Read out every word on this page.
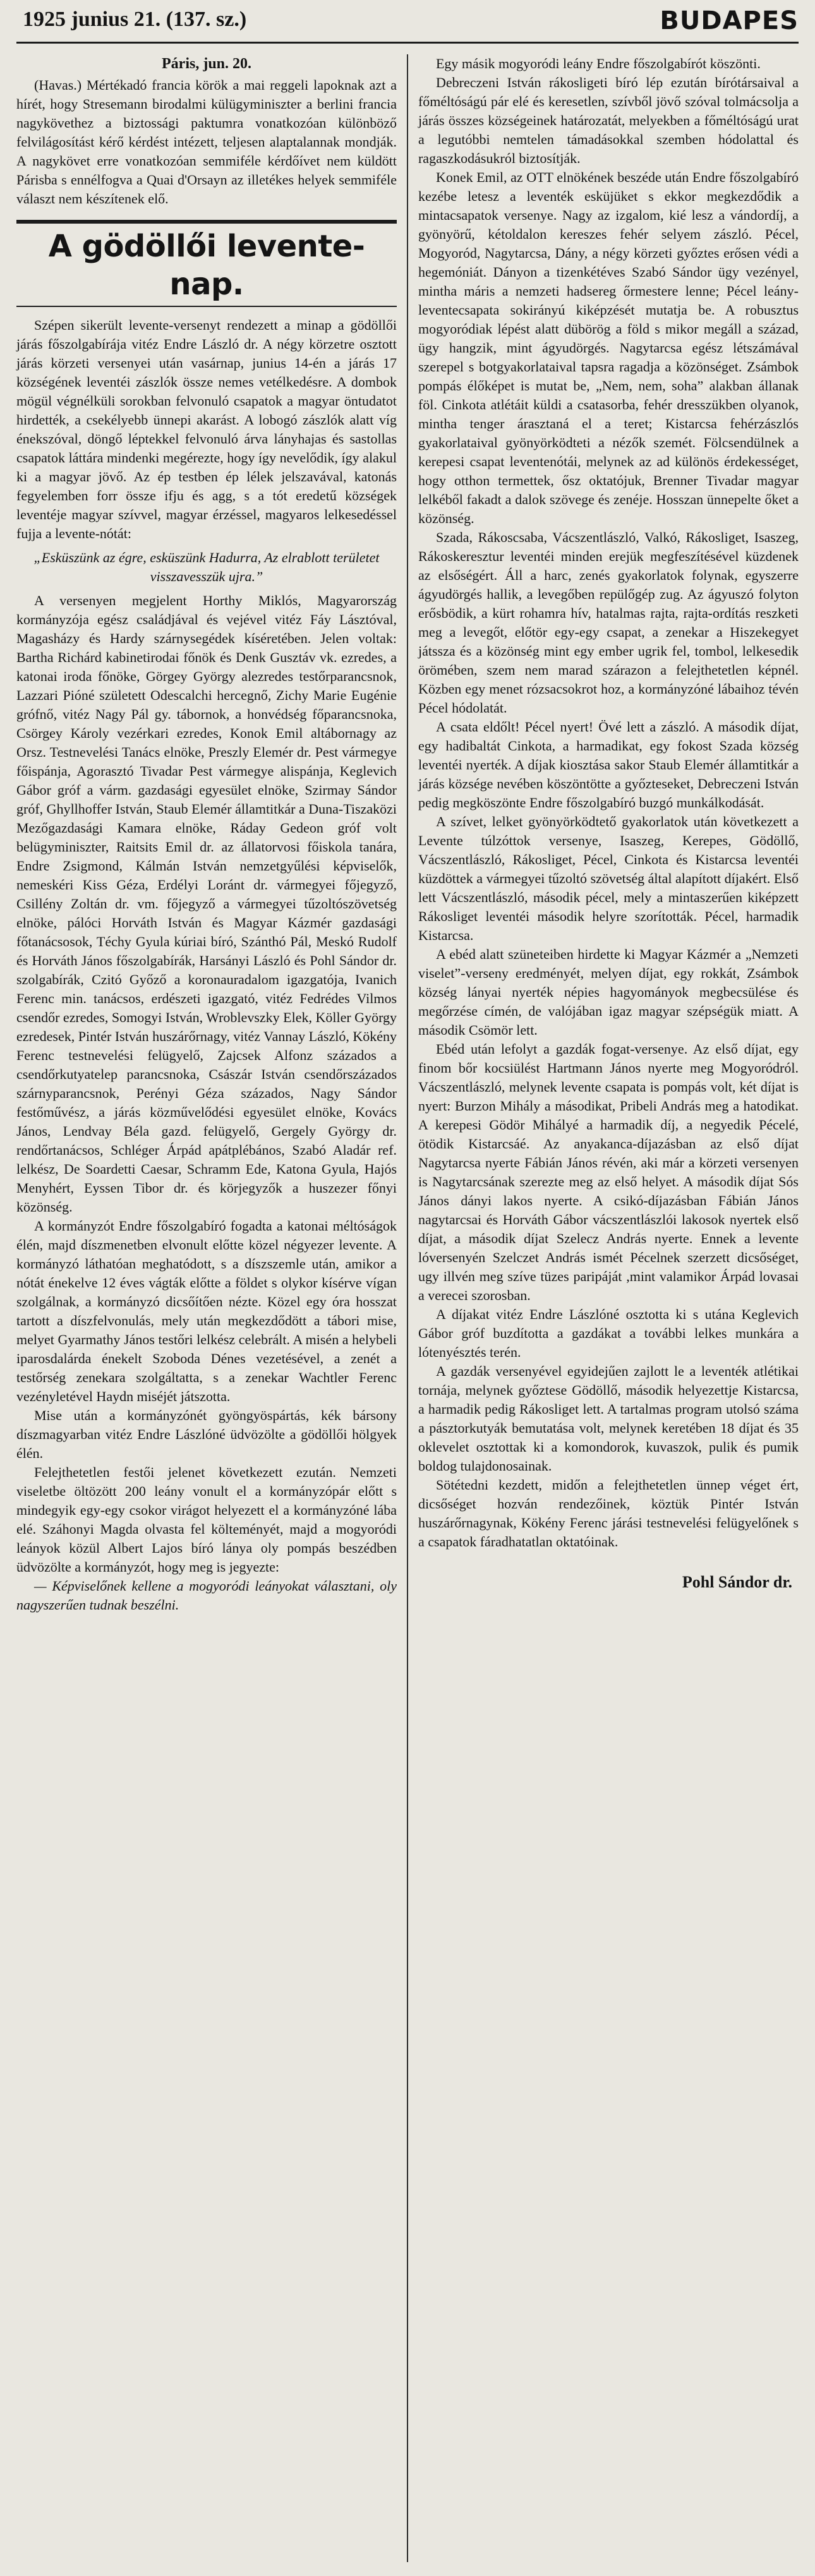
1925 junius 21. (137. sz.)	BUDAPES

Páris, jun. 20.

(Havas.) Mértékadó francia körök a mai reggeli lapoknak azt a hírét, hogy Stresemann birodalmi külügyminiszter a berlini francia nagykövethez a biztossági paktumra vonatkozóan különböző felvilágosítást kérő kérdést intézett, teljesen alaptalannak mondják. A nagykövet erre vonatkozóan semmiféle kérdőívet nem küldött Párisba s ennélfogva a Quai d'Orsayn az illetékes helyek semmiféle választ nem készítenek elő.

A gödöllői levente-nap.

Szépen sikerült levente-versenyt rendezett a minap a gödöllői járás főszolgabírája vitéz Endre László dr. A négy körzetre osztott járás körzeti versenyei után vasárnap, junius 14-én a járás 17 községének leventéi zászlók össze nemes vetélkedésre. A dombok mögül végnélküli sorokban felvonuló csapatok a magyar öntudatot hirdették, a csekélyebb ünnepi akarást. A lobogó zászlók alatt víg énekszóval, döngő léptekkel felvonuló árva lányhajas és sastollas csapatok láttára mindenki megérezte, hogy így nevelődik, így alakul ki a magyar jövő. Az ép testben ép lélek jelszavával, katonás fegyelemben forr össze ifju és agg, s a tót eredetű községek leventéje magyar szívvel, magyar érzéssel, magyaros lelkesedéssel fujja a levente-nótát:

„Esküszünk az égre, esküszünk Hadurra, Az elrablott területet visszavesszük ujra.”

A versenyen megjelent Horthy Miklós, Magyarország kormányzója egész családjával és vejével vitéz Fáy Lásztóval, Magasházy és Hardy szárnysegédek kíséretében. Jelen voltak: Bartha Richárd kabinetirodai főnök és Denk Gusztáv vk. ezredes, a katonai iroda főnöke, Görgey György alezredes testőrparancsnok, Lazzari Pióné született Odescalchi hercegnő, Zichy Marie Eugénie grófnő, vitéz Nagy Pál gy. tábornok, a honvédség főparancsnoka, Csörgey Károly vezérkari ezredes, Konok Emil altábornagy az Orsz. Testnevelési Tanács elnöke, Preszly Elemér dr. Pest vármegye főispánja, Agorasztó Tivadar Pest vármegye alispánja, Keglevich Gábor gróf a várm. gazdasági egyesület elnöke, Szirmay Sándor gróf, Ghyllhoffer István, Staub Elemér államtitkár a Duna-Tiszaközi Mezőgazdasági Kamara elnöke, Ráday Gedeon gróf volt belügyminiszter, Raitsits Emil dr. az állatorvosi főiskola tanára, Endre Zsigmond, Kálmán István nemzetgyűlési képviselők, nemeskéri Kiss Géza, Erdélyi Loránt dr. vármegyei főjegyző, Csillény Zoltán dr. vm. főjegyző a vármegyei tűzoltószövetség elnöke, pálóci Horváth István és Magyar Kázmér gazdasági főtanácsosok, Téchy Gyula kúriai bíró, Szánthó Pál, Meskó Rudolf és Horváth János főszolgabírák, Harsányi László és Pohl Sándor dr. szolgabírák, Czitó Győző a koronauradalom igazgatója, Ivanich Ferenc min. tanácsos, erdészeti igazgató, vitéz Fedrédes Vilmos csendőr ezredes, Somogyi István, Wroblevszky Elek, Köller György ezredesek, Pintér István huszárőrnagy, vitéz Vannay László, Kökény Ferenc testnevelési felügyelő, Zajcsek Alfonz százados a csendőrkutyatelep parancsnoka, Császár István csendőrszázados szárnyparancsnok, Perényi Géza százados, Nagy Sándor festőművész, a járás közművelődési egyesület elnöke, Kovács János, Lendvay Béla gazd. felügyelő, Gergely György dr. rendőrtanácsos, Schléger Árpád apátplébános, Szabó Aladár ref. lelkész, De Soardetti Caesar, Schramm Ede, Katona Gyula, Hajós Menyhért, Eyssen Tibor dr. és körjegyzők a huszezer főnyi közönség.

A kormányzót Endre főszolgabíró fogadta a katonai méltóságok élén, majd díszmenetben elvonult előtte közel négyezer levente. A kormányzó láthatóan meghatódott, s a díszszemle után, amikor a nótát énekelve 12 éves vágták előtte a földet s olykor kísérve vígan szolgálnak, a kormányzó dicsőítően nézte. Közel egy óra hosszat tartott a díszfelvonulás, mely után megkezdődött a tábori mise, melyet Gyarmathy János testőri lelkész celebrált. A misén a helybeli iparosdalárda énekelt Szoboda Dénes vezetésével, a zenét a testőrség zenekara szolgáltatta, s a zenekar Wachtler Ferenc vezényletével Haydn miséjét játszotta.

Mise után a kormányzónét gyöngyöspártás, kék bársony díszmagyarban vitéz Endre Lászlóné üdvözölte a gödöllői hölgyek élén.

Felejthetetlen festői jelenet következett ezután. Nemzeti viseletbe öltözött 200 leány vonult el a kormányzópár előtt s mindegyik egy-egy csokor virágot helyezett el a kormányzóné lába elé. Száhonyi Magda olvasta fel költeményét, majd a mogyoródi leányok közül Albert Lajos bíró lánya oly pompás beszédben üdvözölte a kormányzót, hogy meg is jegyezte:

— Képviselőnek kellene a mogyoródi leányokat választani, oly nagyszerűen tudnak beszélni.

Egy másik mogyoródi leány Endre főszolgabírót köszönti.

Debreczeni István rákosligeti bíró lép ezután bírótársaival a főméltóságú pár elé és keresetlen, szívből jövő szóval tolmácsolja a járás összes községeinek határozatát, melyekben a főméltóságú urat a legutóbbi nemtelen támadásokkal szemben hódolattal és ragaszkodásukról biztosítják.

Konek Emil, az OTT elnökének beszéde után Endre főszolgabíró kezébe letesz a leventék esküjüket s ekkor megkezdődik a mintacsapatok versenye. Nagy az izgalom, kié lesz a vándordíj, a gyönyörű, kétoldalon kereszes fehér selyem zászló. Pécel, Mogyoród, Nagytarcsa, Dány, a négy körzeti győztes erősen védi a hegemóniát. Dányon a tizenkétéves Szabó Sándor ügy vezényel, mintha máris a nemzeti hadsereg őrmestere lenne; Pécel leány-leventecsapata sokirányú kiképzését mutatja be. A robusztus mogyoródiak lépést alatt dübörög a föld s mikor megáll a század, ügy hangzik, mint ágyudörgés. Nagytarcsa egész létszámával szerepel s botgyakorlataival tapsra ragadja a közönséget. Zsámbok pompás élőképet is mutat be, „Nem, nem, soha” alakban állanak föl. Cinkota atlétáit küldi a csatasorba, fehér dresszükben olyanok, mintha tenger árasztaná el a teret; Kistarcsa fehérzászlós gyakorlataival gyönyörködteti a nézők szemét. Fölcsendülnek a kerepesi csapat leventenótái, melynek az ad különös érdekességet, hogy otthon termettek, ősz oktatójuk, Brenner Tivadar magyar lelkéből fakadt a dalok szövege és zenéje. Hosszan ünnepelte őket a közönség.

Szada, Rákoscsaba, Vácszentlászló, Valkó, Rákosliget, Isaszeg, Rákoskeresztur leventéi minden erejük megfeszítésével küzdenek az elsőségért. Áll a harc, zenés gyakorlatok folynak, egyszerre ágyudörgés hallik, a levegőben repülőgép zug. Az ágyuszó folyton erősbödik, a kürt rohamra hív, hatalmas rajta, rajta-ordítás reszketi meg a levegőt, előtör egy-egy csapat, a zenekar a Hiszekegyet játssza és a közönség mint egy ember ugrik fel, tombol, lelkesedik örömében, szem nem marad szárazon a felejthetetlen képnél. Közben egy menet rózsacsokrot hoz, a kormányzóné lábaihoz tévén Pécel hódolatát.

A csata eldőlt! Pécel nyert! Övé lett a zászló. A második díjat, egy hadibaltát Cinkota, a harmadikat, egy fokost Szada község leventéi nyerték. A díjak kiosztása sakor Staub Elemér államtitkár a járás községe nevében köszöntötte a győzteseket, Debreczeni István pedig megköszönte Endre főszolgabíró buzgó munkálkodását.

A szívet, lelket gyönyörködtető gyakorlatok után következett a Levente túlzóttok versenye, Isaszeg, Kerepes, Gödöllő, Vácszentlászló, Rákosliget, Pécel, Cinkota és Kistarcsa leventéi küzdöttek a vármegyei tűzoltó szövetség által alapított díjakért. Első lett Vácszentlászló, második pécel, mely a mintaszerűen kiképzett Rákosliget leventéi második helyre szorították. Pécel, harmadik Kistarcsa.

A ebéd alatt szüneteiben hirdette ki Magyar Kázmér a „Nemzeti viselet”-verseny eredményét, melyen díjat, egy rokkát, Zsámbok község lányai nyerték népies hagyományok megbecsülése és megőrzése címén, de valójában igaz magyar szépségük miatt. A második Csömör lett.

Ebéd után lefolyt a gazdák fogat-versenye. Az első díjat, egy finom bőr kocsiülést Hartmann János nyerte meg Mogyoródról. Vácszentlászló, melynek levente csapata is pompás volt, két díjat is nyert: Burzon Mihály a másodikat, Pribeli András meg a hatodikat. A kerepesi Gödör Mihályé a harmadik díj, a negyedik Pécelé, ötödik Kistarcsáé. Az anyakanca-díjazásban az első díjat Nagytarcsa nyerte Fábián János révén, aki már a körzeti versenyen is Nagytarcsának szerezte meg az első helyet. A második díjat Sós János dányi lakos nyerte. A csikó-díjazásban Fábián János nagytarcsai és Horváth Gábor vácszentlászlói lakosok nyertek első díjat, a második díjat Szelecz András nyerte. Ennek a levente lóversenyén Szelczet András ismét Pécelnek szerzett dicsőséget, ugy illvén meg szíve tüzes paripáját ,mint valamikor Árpád lovasai a verecei szorosban.

A díjakat vitéz Endre Lászlóné osztotta ki s utána Keglevich Gábor gróf buzdította a gazdákat a további lelkes munkára a lótenyésztés terén.

A gazdák versenyével egyidejűen zajlott le a leventék atlétikai tornája, melynek győztese Gödöllő, második helyezettje Kistarcsa, a harmadik pedig Rákosliget lett. A tartalmas program utolsó száma a pásztorkutyák bemutatása volt, melynek keretében 18 díjat és 35 oklevelet osztottak ki a komondorok, kuvaszok, pulik és pumik boldog tulajdonosainak.

Sötétedni kezdett, midőn a felejthetetlen ünnep véget ért, dicsőséget hozván rendezőinek, köztük Pintér István huszárőrnagynak, Kökény Ferenc járási testnevelési felügyelőnek s a csapatok fáradhatatlan oktatóinak.

Pohl Sándor dr.
